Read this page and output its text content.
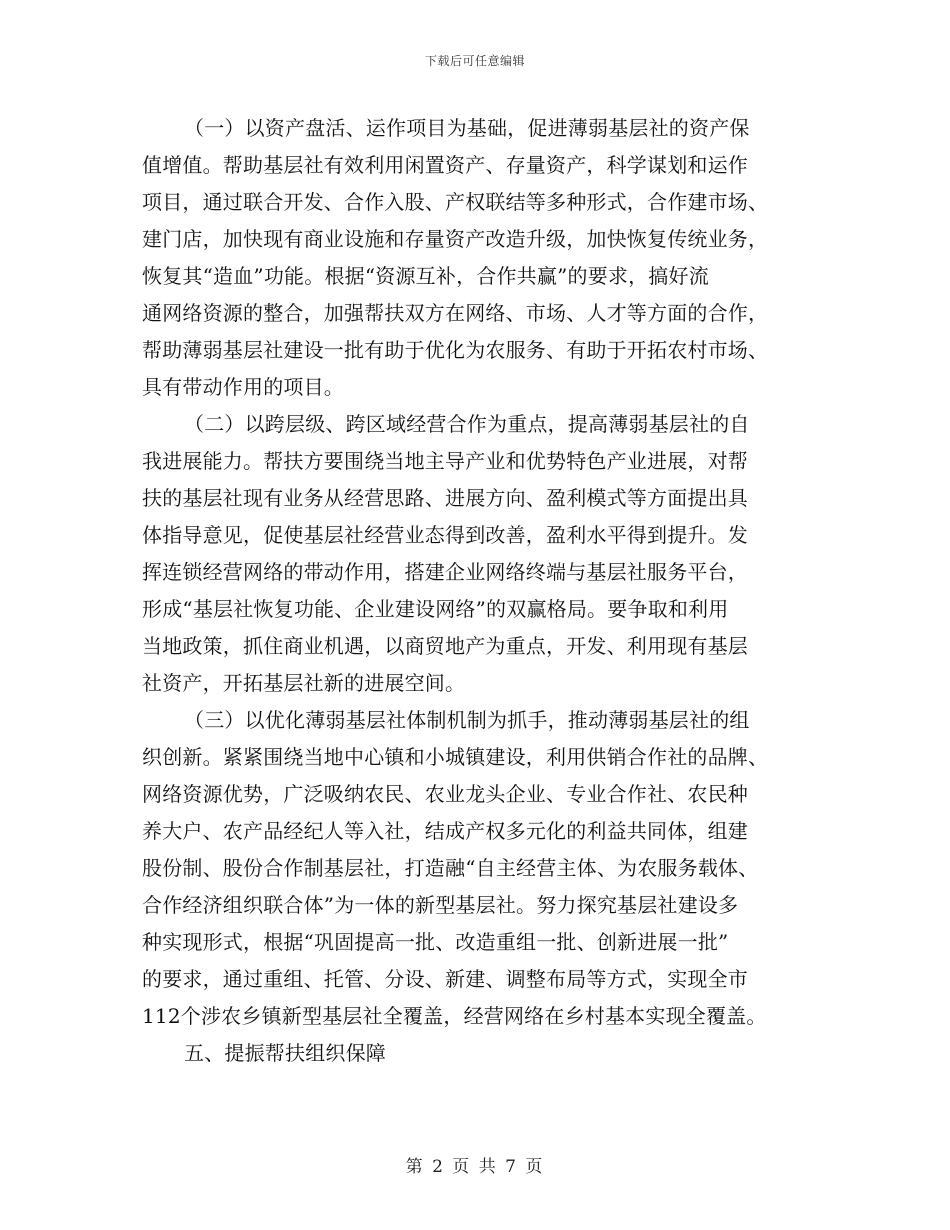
下载后可任意编辑
（一）以资产盘活、运作项目为基础，促进薄弱基层社的资产保
值增值。帮助基层社有效利用闲置资产、存量资产，科学谋划和运作
项目，通过联合开发、合作入股、产权联结等多种形式，合作建市场、
建门店，加快现有商业设施和存量资产改造升级，加快恢复传统业务，
恢复其“造血”功能。根据“资源互补，合作共赢”的要求，搞好流
通网络资源的整合，加强帮扶双方在网络、市场、人才等方面的合作，
帮助薄弱基层社建设一批有助于优化为农服务、有助于开拓农村市场、
具有带动作用的项目。
（二）以跨层级、跨区域经营合作为重点，提高薄弱基层社的自
我进展能力。帮扶方要围绕当地主导产业和优势特色产业进展，对帮
扶的基层社现有业务从经营思路、进展方向、盈利模式等方面提出具
体指导意见，促使基层社经营业态得到改善，盈利水平得到提升。发
挥连锁经营网络的带动作用，搭建企业网络终端与基层社服务平台，
形成“基层社恢复功能、企业建设网络”的双赢格局。要争取和利用
当地政策，抓住商业机遇，以商贸地产为重点，开发、利用现有基层
社资产，开拓基层社新的进展空间。
（三）以优化薄弱基层社体制机制为抓手，推动薄弱基层社的组
织创新。紧紧围绕当地中心镇和小城镇建设，利用供销合作社的品牌、
网络资源优势，广泛吸纳农民、农业龙头企业、专业合作社、农民种
养大户、农产品经纪人等入社，结成产权多元化的利益共同体，组建
股份制、股份合作制基层社，打造融“自主经营主体、为农服务载体、
合作经济组织联合体”为一体的新型基层社。努力探究基层社建设多
种实现形式，根据“巩固提高一批、改造重组一批、创新进展一批”
的要求，通过重组、托管、分设、新建、调整布局等方式，实现全市
112个涉农乡镇新型基层社全覆盖，经营网络在乡村基本实现全覆盖。
五、提振帮扶组织保障
第 2 页 共 7 页
